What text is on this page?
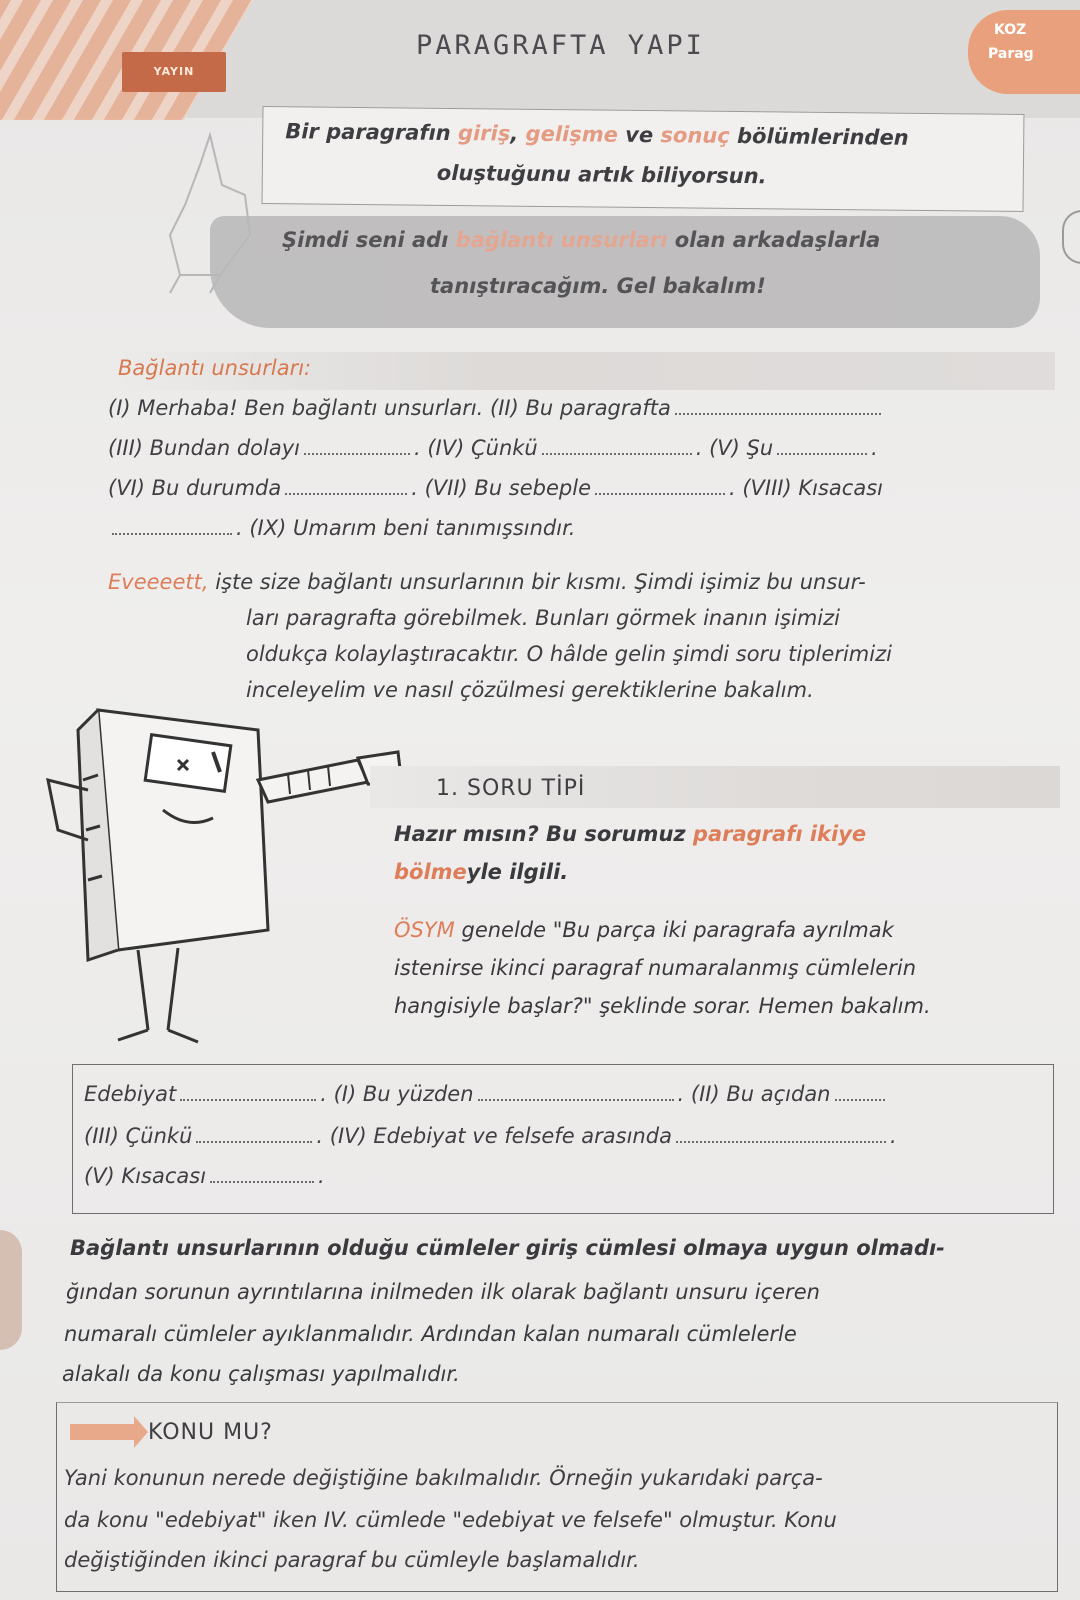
YAYIN
PARAGRAFTA YAPI	KOZ
Parag
Bir paragrafın giriş, gelişme ve sonuç bölümlerinden
oluştuğunu artık biliyorsun.
Şimdi seni adı bağlantı unsurları olan arkadaşlarla
tanıştıracağım. Gel bakalım!
Bağlantı unsurları:
(I) Merhaba! Ben bağlantı unsurları. (II) Bu paragrafta
(III) Bundan dolayı	. (IV) Çünkü	. (V) Şu	.
(VI) Bu durumda	. (VII) Bu sebeple	. (VIII) Kısacası
. (IX) Umarım beni tanımışsındır.
Eveeeett, işte size bağlantı unsurlarının bir kısmı. Şimdi işimiz bu unsur-
ları paragrafta görebilmek. Bunları görmek inanın işimizi
oldukça kolaylaştıracaktır. O hâlde gelin şimdi soru tiplerimizi
inceleyelim ve nasıl çözülmesi gerektiklerine bakalım.
1. SORU TİPİ
Hazır mısın? Bu sorumuz paragrafı ikiye
bölmeyle ilgili.
ÖSYM genelde "Bu parça iki paragrafa ayrılmak
istenirse ikinci paragraf numaralanmış cümlelerin
hangisiyle başlar?" şeklinde sorar. Hemen bakalım.
Edebiyat	. (I) Bu yüzden	. (II) Bu açıdan
(III) Çünkü	. (IV) Edebiyat ve felsefe arasında	.
(V) Kısacası	.
Bağlantı unsurlarının olduğu cümleler giriş cümlesi olmaya uygun olmadı-
ğından sorunun ayrıntılarına inilmeden ilk olarak bağlantı unsuru içeren
numaralı cümleler ayıklanmalıdır. Ardından kalan numaralı cümlelerle
alakalı da konu çalışması yapılmalıdır.
KONU MU?
Yani konunun nerede değiştiğine bakılmalıdır. Örneğin yukarıdaki parça-
da konu "edebiyat" iken IV. cümlede "edebiyat ve felsefe" olmuştur. Konu
değiştiğinden ikinci paragraf bu cümleyle başlamalıdır.
